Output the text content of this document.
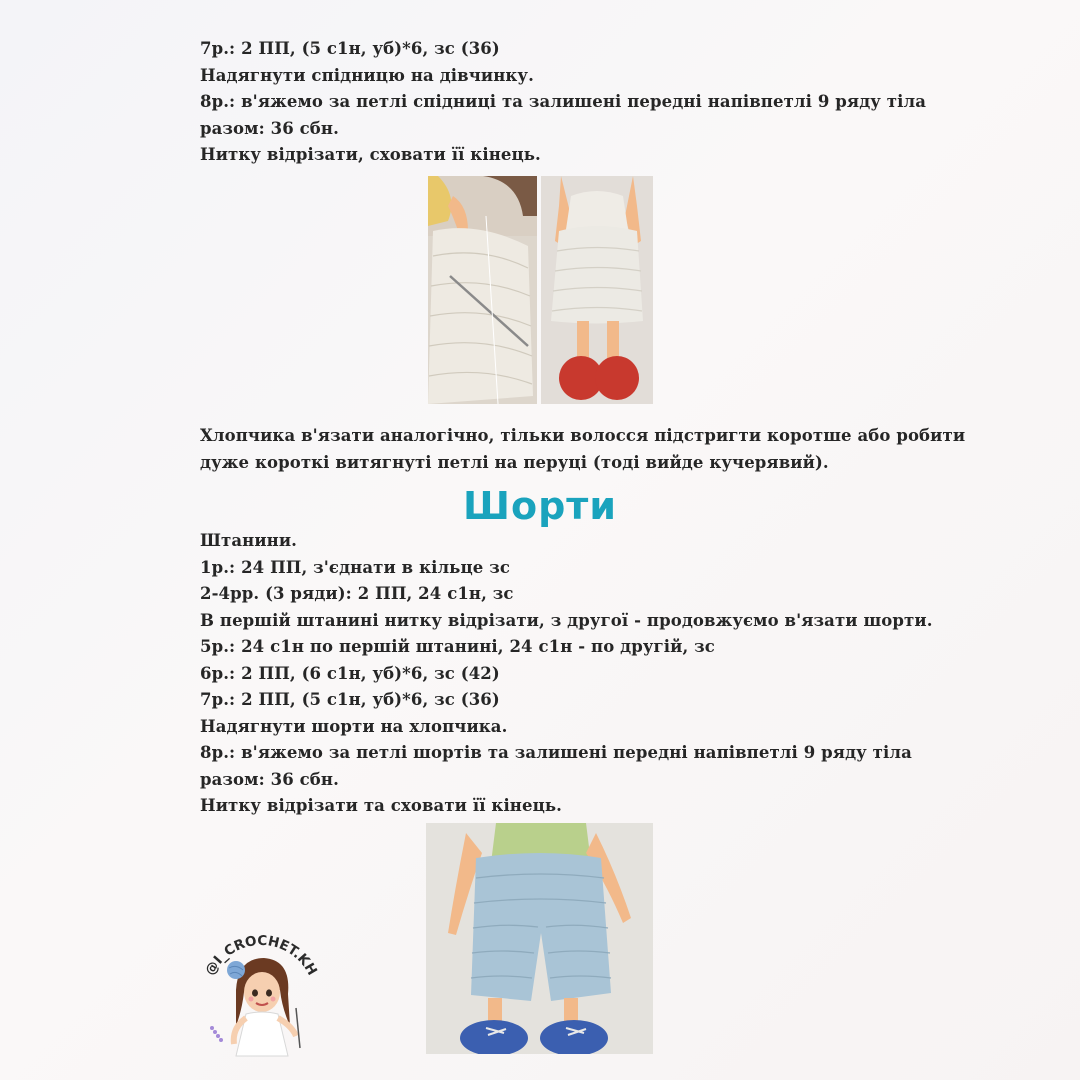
7р.: 2 ПП, (5 с1н, уб)*6, зс (36)
Надягнути спідницю на дівчинку.
8р.: в'яжемо за петлі спідниці та залишені передні напівпетлі 9 ряду тіла
разом: 36 сбн.
Нитку відрізати, сховати її кінець.
Хлопчика в'язати аналогічно, тільки волосся підстригти коротше або робити
дуже короткі витягнуті петлі на перуці (тоді вийде кучерявий).
Шорти
Штанини.
1р.: 24 ПП, з'єднати в кільце зс
2-4рр. (3 ряди): 2 ПП, 24 с1н, зс
В першій штанині нитку відрізати, з другої - продовжуємо в'язати шорти.
5р.: 24 с1н по першій штанині, 24 с1н - по другій, зс
6р.: 2 ПП, (6 с1н, уб)*6, зс (42)
7р.: 2 ПП, (5 с1н, уб)*6, зс (36)
Надягнути шорти на хлопчика.
8р.: в'яжемо за петлі шортів та залишені передні напівпетлі 9 ряду тіла
разом: 36 сбн.
Нитку відрізати та сховати її кінець.
@I_CROCHET.KH
